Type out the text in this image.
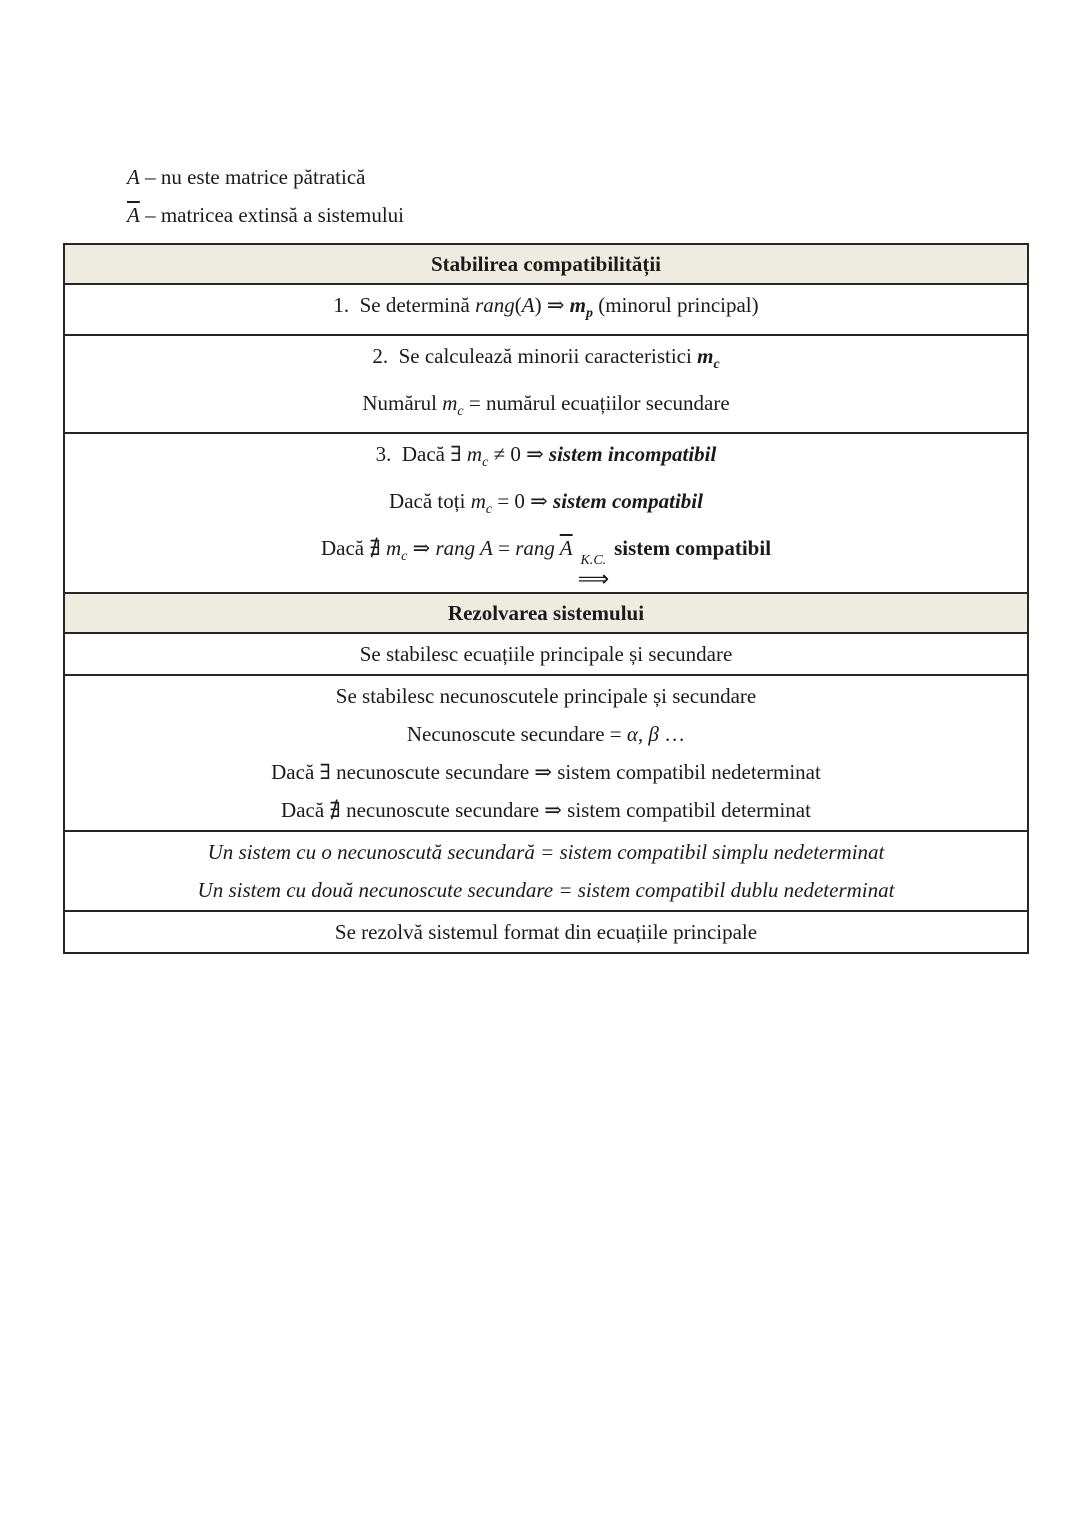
A – nu este matrice pătratică
$\overline{A}$ – matricea extinsă a sistemului
Stabilirea compatibilității
1.  Se determină rang(A) ⇒ $m_p$ (minorul principal)
2.  Se calculează minorii caracteristici $m_c$
Numărul $m_c$ = numărul ecuațiilor secundare
3.  Dacă ∃ $m_c \ne 0$ ⇒ sistem incompatibil
Dacă toți $m_c = 0$ ⇒ sistem compatibil
Dacă ∄ $m_c$ ⇒ rang A = rang $\overline{A}$
K.C.
⟹
sistem compatibil
Rezolvarea sistemului
Se stabilesc ecuațiile principale și secundare
Se stabilesc necunoscutele principale și secundare
Necunoscute secundare = α, β …
Dacă ∃ necunoscute secundare ⇒ sistem compatibil nedeterminat
Dacă ∄ necunoscute secundare ⇒ sistem compatibil determinat
Un sistem cu o necunoscută secundară = sistem compatibil simplu nedeterminat
Un sistem cu două necunoscute secundare = sistem compatibil dublu nedeterminat
Se rezolvă sistemul format din ecuațiile principale
